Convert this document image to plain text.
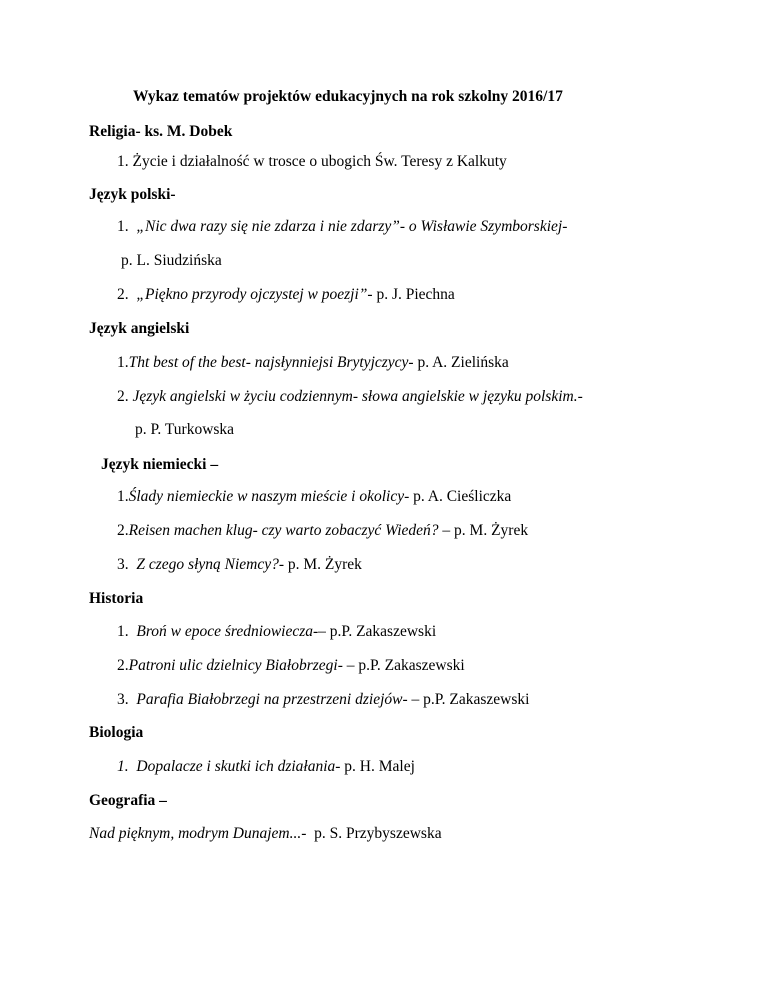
Wykaz tematów projektów edukacyjnych na rok szkolny 2016/17
Religia- ks. M. Dobek
1. Życie i działalność w trosce o ubogich Św. Teresy z Kalkuty
Język polski-
1. „Nic dwa razy się nie zdarza i nie zdarzy”- o Wisławie Szymborskiej-
p. L. Siudzińska
2. „Piękno przyrody ojczystej w poezji”- p. J. Piechna
Język angielski
1.Tht best of the best- najsłynniejsi Brytyjczycy- p. A. Zielińska
2. Język angielski w życiu codziennym- słowa angielskie w języku polskim.-
p. P. Turkowska
Język niemiecki –
1.Ślady niemieckie w naszym mieście i okolicy- p. A. Cieśliczka
2.Reisen machen klug- czy warto zobaczyć Wiedeń? – p. M. Żyrek
3. Z czego słyną Niemcy?- p. M. Żyrek
Historia
1. Broń w epoce średniowiecza-– p.P. Zakaszewski
2.Patroni ulic dzielnicy Białobrzegi- – p.P. Zakaszewski
3. Parafia Białobrzegi na przestrzeni dziejów- – p.P. Zakaszewski
Biologia
1. Dopalacze i skutki ich działania- p. H. Malej
Geografia –
Nad pięknym, modrym Dunajem...-  p. S. Przybyszewska
